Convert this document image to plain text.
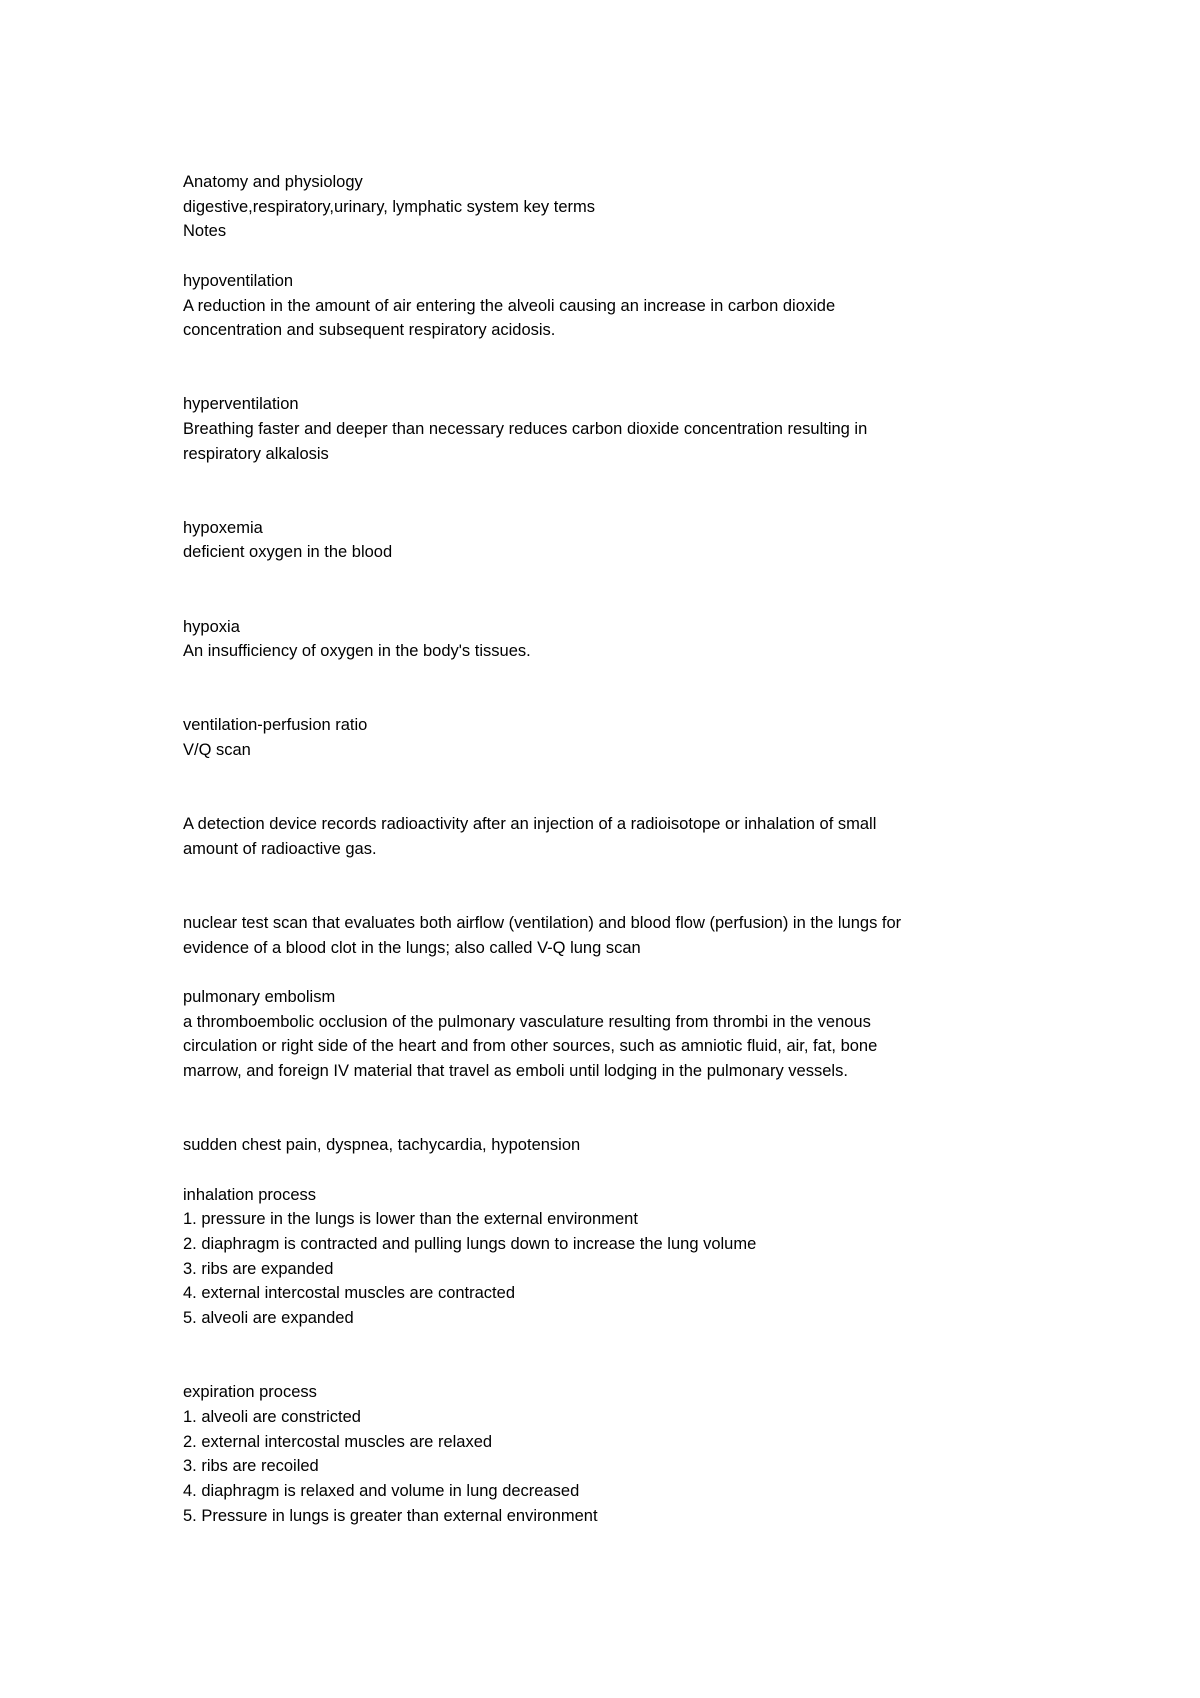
Anatomy and physiology
digestive,respiratory,urinary, lymphatic system key terms
Notes
hypoventilation
A reduction in the amount of air entering the alveoli causing an increase in carbon dioxide
concentration and subsequent respiratory acidosis.
hyperventilation
Breathing faster and deeper than necessary reduces carbon dioxide concentration resulting in
respiratory alkalosis
hypoxemia
deficient oxygen in the blood
hypoxia
An insufficiency of oxygen in the body's tissues.
ventilation-perfusion ratio
V/Q scan
A detection device records radioactivity after an injection of a radioisotope or inhalation of small
amount of radioactive gas.
nuclear test scan that evaluates both airflow (ventilation) and blood flow (perfusion) in the lungs for
evidence of a blood clot in the lungs; also called V-Q lung scan
pulmonary embolism
a thromboembolic occlusion of the pulmonary vasculature resulting from thrombi in the venous
circulation or right side of the heart and from other sources, such as amniotic fluid, air, fat, bone
marrow, and foreign IV material that travel as emboli until lodging in the pulmonary vessels.
sudden chest pain, dyspnea, tachycardia, hypotension
inhalation process
1. pressure in the lungs is lower than the external environment
2. diaphragm is contracted and pulling lungs down to increase the lung volume
3. ribs are expanded
4. external intercostal muscles are contracted
5. alveoli are expanded
expiration process
1. alveoli are constricted
2. external intercostal muscles are relaxed
3. ribs are recoiled
4. diaphragm is relaxed and volume in lung decreased
5. Pressure in lungs is greater than external environment
